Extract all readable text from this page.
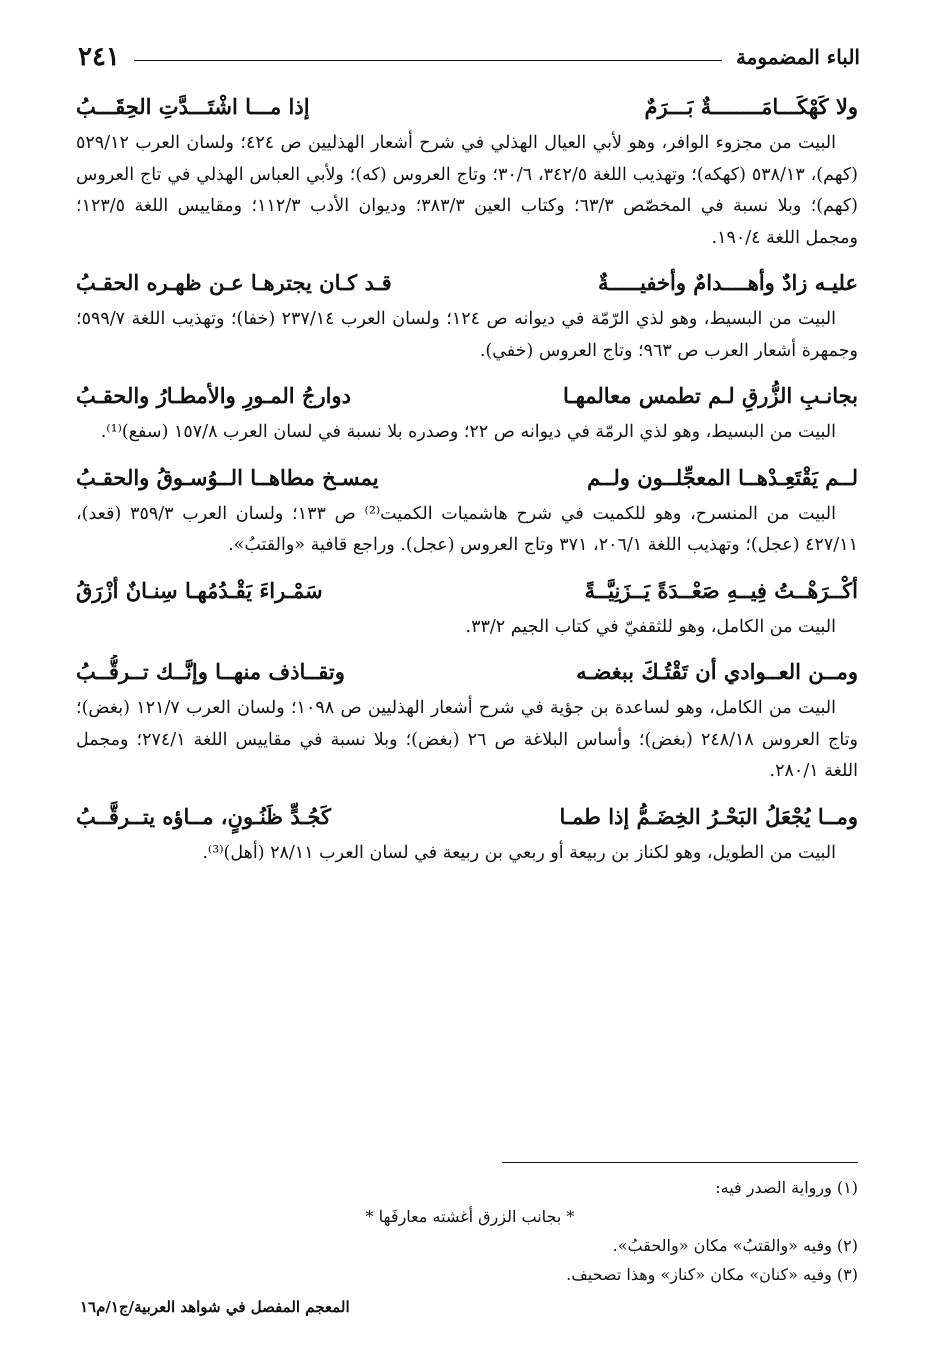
الباء المضمومة
٢٤١
ولا كَهْكَـــامَــــــــةٌ بَـــرَمٌ
إذا مـــا اشْتَـــدَّتِ الحِقَـــبُ

البيت من مجزوء الوافر، وهو لأبي العيال الهذلي في شرح أشعار الهذليين ص ٤٢٤؛ ولسان العرب ٥٢٩/١٢ (كهم)، ٥٣٨/١٣ (كهكه)؛ وتهذيب اللغة ٣٤٢/٥، ٣٠/٦؛ وتاج العروس (كه)؛ ولأبي العباس الهذلي في تاج العروس (كهم)؛ وبلا نسبة في المخصّص ٦٣/٣؛ وكتاب العين ٣٨٣/٣؛ وديوان الأدب ١١٢/٣؛ ومقاييس اللغة ١٢٣/٥؛ ومجمل اللغة ١٩٠/٤.

عليـه زادٌ وأهــــدامٌ وأخفيـــــةٌ
قـد كـان يجترهـا عـن ظهـره الحقـبُ

البيت من البسيط، وهو لذي الرّمّة في ديوانه ص ١٢٤؛ ولسان العرب ٢٣٧/١٤ (خفا)؛ وتهذيب اللغة ٥٩٩/٧؛ وجمهرة أشعار العرب ص ٩٦٣؛ وتاج العروس (خفي).

بجانـبِ الزُّرقِ لـم تطمس معالمهـا
دوارجُ المـورِ والأمطـارُ والحقـبُ

البيت من البسيط، وهو لذي الرمّة في ديوانه ص ٢٢؛ وصدره بلا نسبة في لسان العرب ١٥٧/٨ (سفع)⁽¹⁾.

لــم يَقْتَعِـدْهــا المعجِّلــون ولــم
يمسـخ مطاهــا الــوُسـوقُ والحقـبُ

البيت من المنسرح، وهو للكميت في شرح هاشميات الكميت⁽²⁾ ص ١٣٣؛ ولسان العرب ٣٥٩/٣ (قعد)، ٤٢٧/١١ (عجل)؛ وتهذيب اللغة ٢٠٦/١، ٣٧١ وتاج العروس (عجل). وراجع قافية «والقتبُ».

أكْــرَهْــتُ فِيــهِ صَعْــدَةً يَــزَنِيَّــةً
سَمْـراءَ يَقْـدُمُهـا سِنـانٌ أزْرَقُ

البيت من الكامل، وهو للثقفيّ في كتاب الجيم ٣٣/٢.

ومــن العــوادي أن تَقْتُـكَ ببغضـه
وتقــاذف منهــا وإنَّــك تــرقُّــبُ

البيت من الكامل، وهو لساعدة بن جؤية في شرح أشعار الهذليين ص ١٠٩٨؛ ولسان العرب ١٢١/٧ (بغض)؛ وتاج العروس ٢٤٨/١٨ (بغض)؛ وأساس البلاغة ص ٢٦ (بغض)؛ وبلا نسبة في مقاييس اللغة ٢٧٤/١؛ ومجمل اللغة ٢٨٠/١.

ومــا يُجْعَلُ البَحْـرُ الخِضَـمُّ إذا طمـا
كَجُـدٍّ ظَنُـونٍ، مــاؤه يتــرقَّــبُ

البيت من الطويل، وهو لكناز بن ربيعة أو ربعي بن ربيعة في لسان العرب ٢٨/١١ (أهل)⁽³⁾.

(١) ورواية الصدر فيه:
* بجانب الزرق أغشته معارفَها *
(٢) وفيه «والقتبُ» مكان «والحقبُ».
(٣) وفيه «كنان» مكان «كناز» وهذا تصحيف.
المعجم المفصل في شواهد العربية/ج١/م١٦
